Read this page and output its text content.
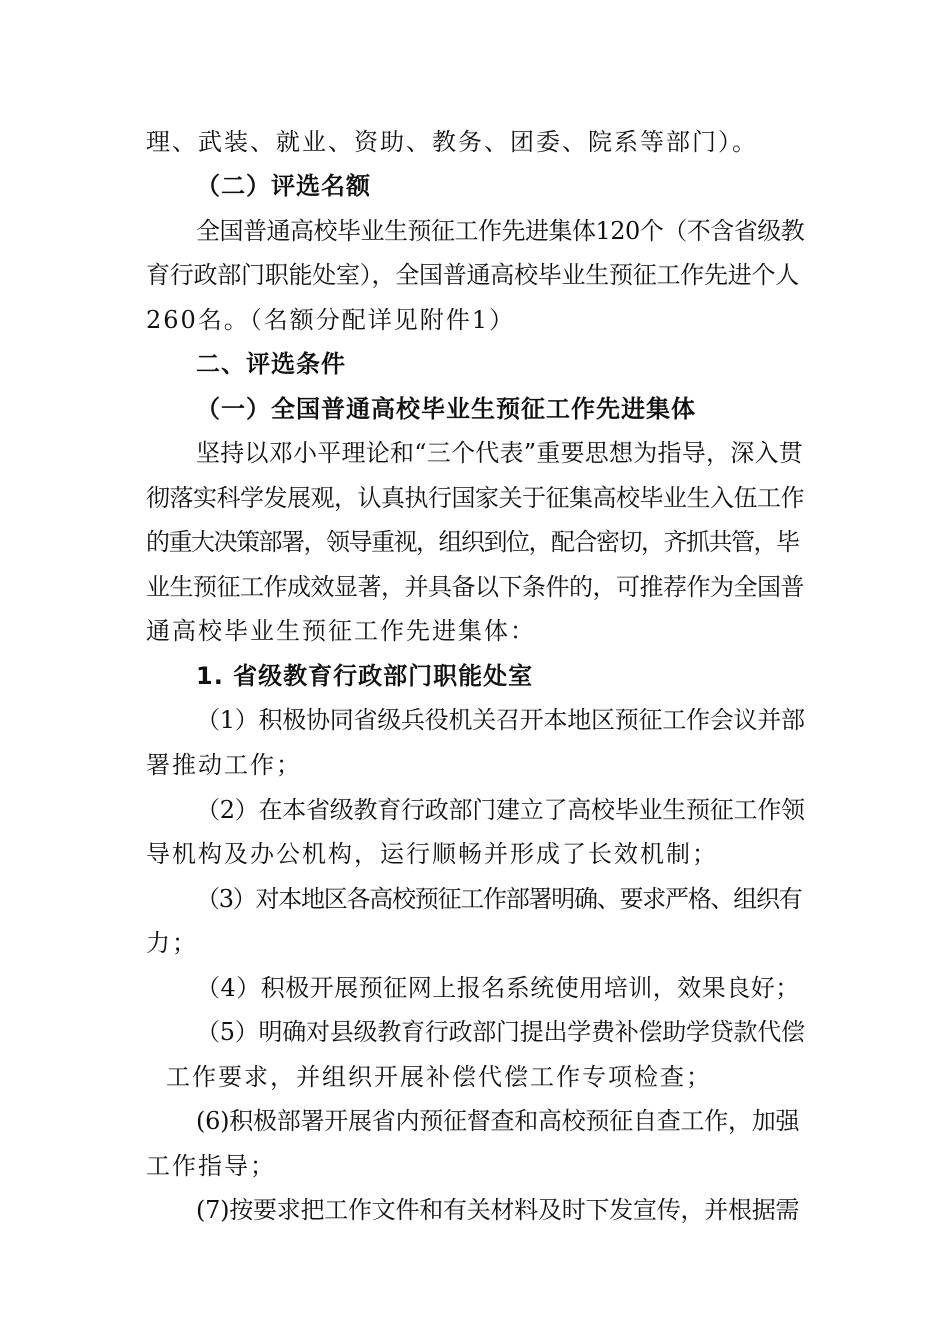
理、武装、就业、资助、教务、团委、院系等部门）。
（二）评选名额
全国普通高校毕业生预征工作先进集体120个（不含省级教
育行政部门职能处室），全国普通高校毕业生预征工作先进个人
260名。（名额分配详见附件1）
二、评选条件
（一）全国普通高校毕业生预征工作先进集体
坚持以邓小平理论和“三个代表”重要思想为指导，深入贯
彻落实科学发展观，认真执行国家关于征集高校毕业生入伍工作
的重大决策部署，领导重视，组织到位，配合密切，齐抓共管，毕
业生预征工作成效显著，并具备以下条件的，可推荐作为全国普
通高校毕业生预征工作先进集体：
1. 省级教育行政部门职能处室
（1）积极协同省级兵役机关召开本地区预征工作会议并部
署推动工作；
（2）在本省级教育行政部门建立了高校毕业生预征工作领
导机构及办公机构，运行顺畅并形成了长效机制；
（3）对本地区各高校预征工作部署明确、要求严格、组织有
力；
（4）积极开展预征网上报名系统使用培训，效果良好；
（5）明确对县级教育行政部门提出学费补偿助学贷款代偿
工作要求，并组织开展补偿代偿工作专项检查；
(6)积极部署开展省内预征督查和高校预征自查工作，加强
工作指导；
(7)按要求把工作文件和有关材料及时下发宣传，并根据需
